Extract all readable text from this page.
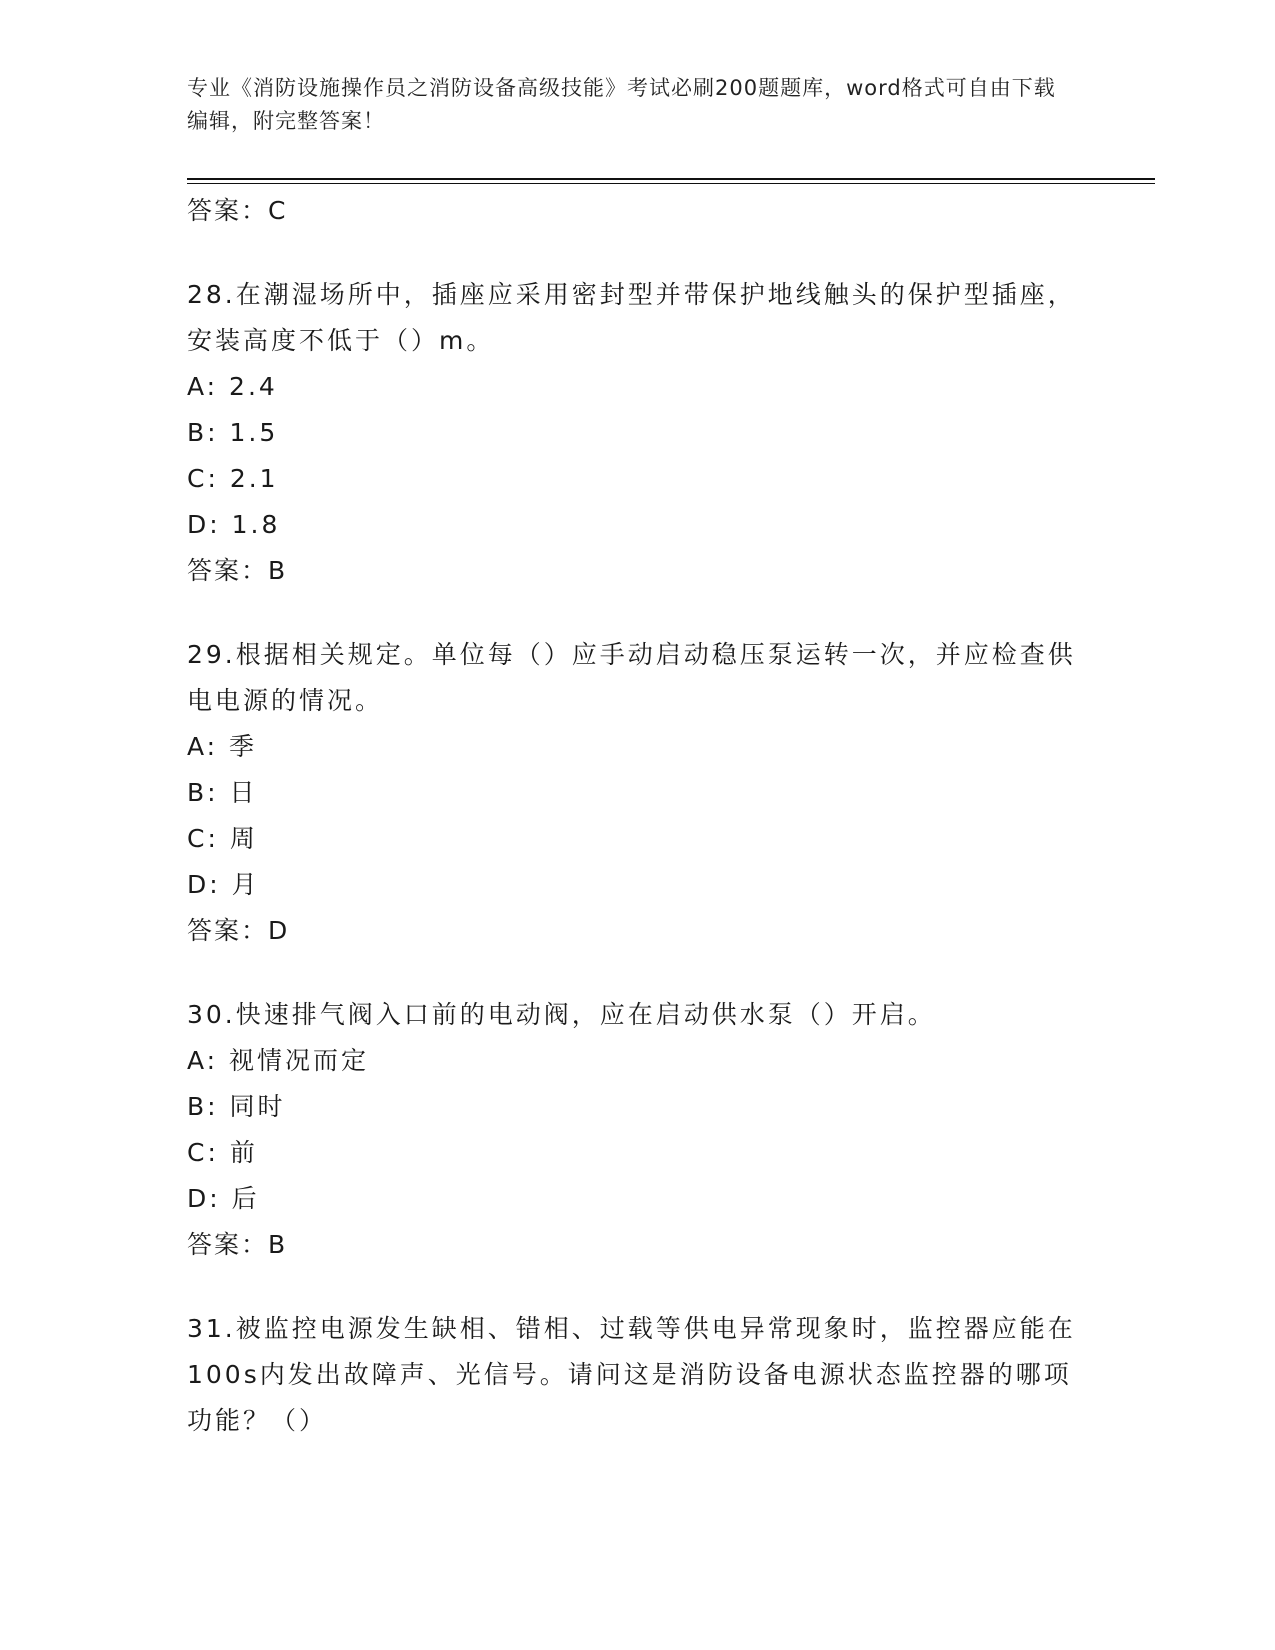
专业《消防设施操作员之消防设备高级技能》考试必刷200题题库，word格式可自由下载编辑，附完整答案！

答案：C

28.在潮湿场所中，插座应采用密封型并带保护地线触头的保护型插座，安装高度不低于（）m。

A: 2.4

B: 1.5

C: 2.1

D: 1.8

答案：B

29.根据相关规定。单位每（）应手动启动稳压泵运转一次，并应检查供电电源的情况。

A: 季

B: 日

C: 周

D: 月

答案：D

30.快速排气阀入口前的电动阀，应在启动供水泵（）开启。

A: 视情况而定

B: 同时

C: 前

D: 后

答案：B

31.被监控电源发生缺相、错相、过载等供电异常现象时，监控器应能在100s内发出故障声、光信号。请问这是消防设备电源状态监控器的哪项功能？（）
